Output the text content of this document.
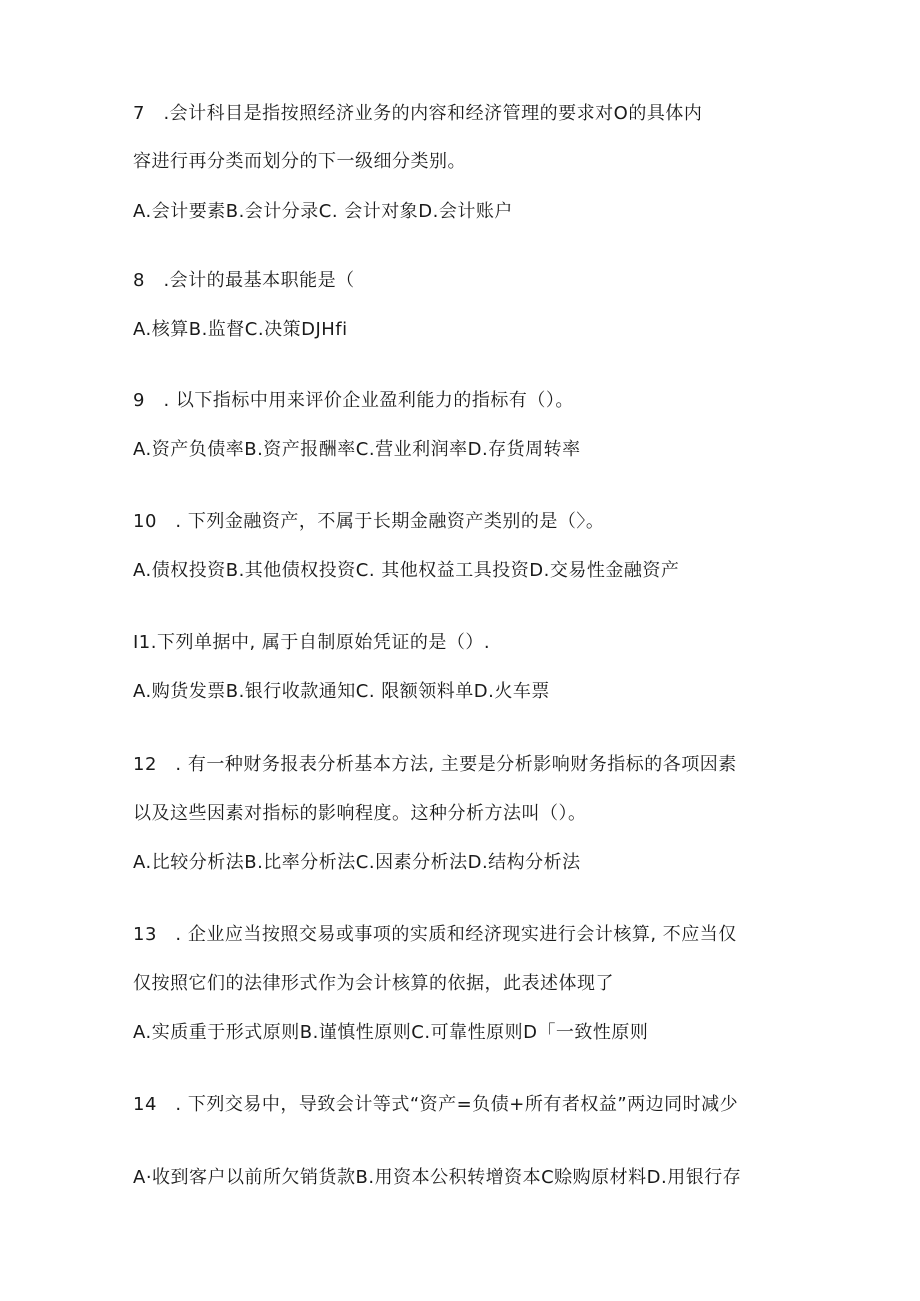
7　.会计科目是指按照经济业务的内容和经济管理的要求对O的具体内
容进行再分类而划分的下一级细分类别。
A.会计要素B.会计分录C. 会计对象D.会计账户
8　.会计的最基本职能是（
A.核算B.监督C.决策DJHfi
9　. 以下指标中用来评价企业盈利能力的指标有（）。
A.资产负债率B.资产报酬率C.营业利润率D.存货周转率
10　. 下列金融资产，不属于长期金融资产类别的是（〉。
A.债权投资B.其他债权投资C. 其他权益工具投资D.交易性金融资产
I1.下列单据中, 属于自制原始凭证的是（）.
A.购货发票B.银行收款通知C. 限额领料单D.火车票
12　. 有一种财务报表分析基本方法, 主要是分析影响财务指标的各项因素
以及这些因素对指标的影响程度。这种分析方法叫（）。
A.比较分析法B.比率分析法C.因素分析法D.结构分析法
13　. 企业应当按照交易或事项的实质和经济现实进行会计核算, 不应当仅
仅按照它们的法律形式作为会计核算的依据，此表述体现了
A.实质重于形式原则B.谨慎性原则C.可靠性原则D「一致性原则
14　. 下列交易中，导致会计等式“资产=负债+所有者权益”两边同时减少
A·收到客户以前所欠销货款B.用资本公积转增资本C赊购原材料D.用银行存
